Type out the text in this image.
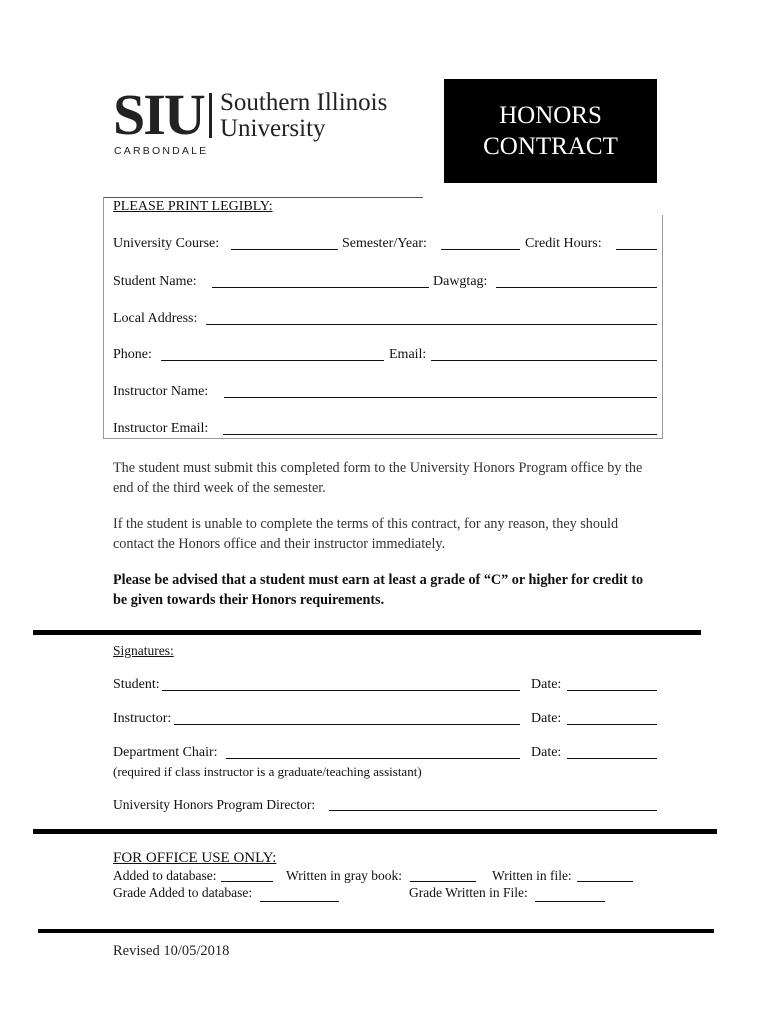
SIU Southern Illinois
University
CARBONDALE
HONORS
CONTRACT
PLEASE PRINT LEGIBLY:
University Course:	Semester/Year:	Credit Hours:
Student Name:	Dawgtag:
Local Address:
Phone:	Email:
Instructor Name:
Instructor Email:
The student must submit this completed form to the University Honors Program office by the end of the third week of the semester.
If the student is unable to complete the terms of this contract, for any reason, they should contact the Honors office and their instructor immediately.
Please be advised that a student must earn at least a grade of “C” or higher for credit to be given towards their Honors requirements.
Signatures:
Student:	Date:
Instructor:	Date:
Department Chair:	Date:
(required if class instructor is a graduate/teaching assistant)
University Honors Program Director:
FOR OFFICE USE ONLY:
Added to database:	Written in gray book:	Written in file:
Grade Added to database:	Grade Written in File:
Revised 10/05/2018
